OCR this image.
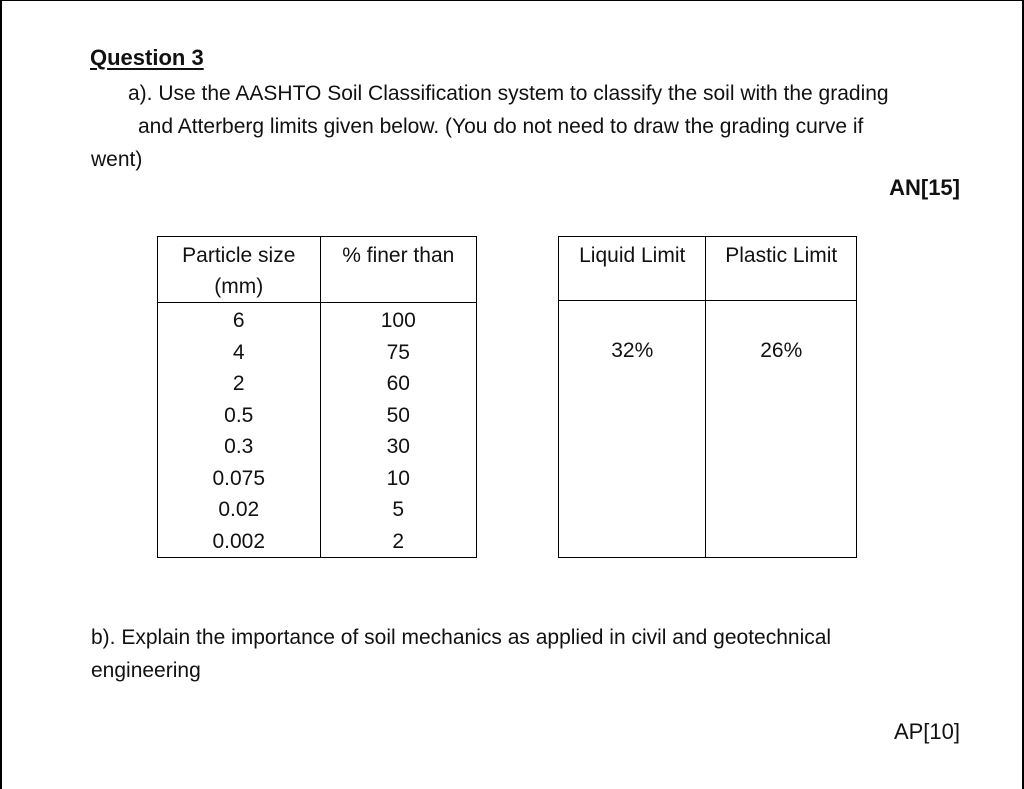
Question 3
a). Use the AASHTO Soil Classification system to classify the soil with the grading
and Atterberg limits given below. (You do not need to draw the grading curve if
went)
AN[15]
Particle size
(mm)	% finer than
6	100
4	75
2	60
0.5	50
0.3	30
0.075	10
0.02	5
0.002	2
Liquid Limit	Plastic Limit
32%	26%
b). Explain the importance of soil mechanics as applied in civil and geotechnical
engineering
AP[10]
